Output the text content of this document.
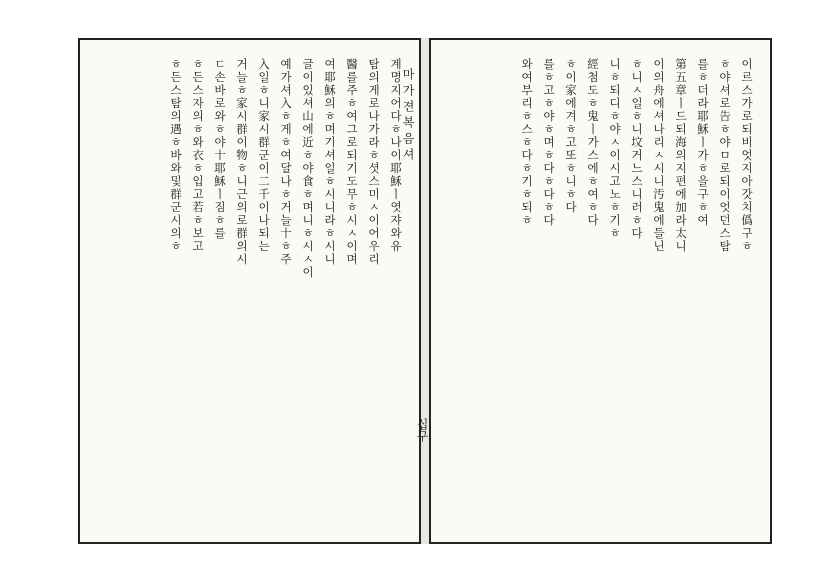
계명지어다ㅎ나이耶穌ㅣ엿쟈와유
탐의게로나가라ㅎ셧스미ㅅ이어우리
醫를주ㅎ여그로되기도무ㅎ시ㅅ이며
여耶穌의ㅎ며기셔일ㅎ시니라ㅎ시니
글이있셔山에近ㅎ야食ㅎ며니ㅎ시ㅅ이
예가셔入ㅎ게ㅎ여달나ㅎ거늘十ㅎ주
入일ㅎ니家시群군이二千이나되는
거늘ㅎ家시群이物ㅎ니근의로群의시
ㄷ손바로와ㅎ야十耶穌ㅣ짐ㅎ를
ㅎ든스자의ㅎ와衣ㅎ입고若ㅎ보고
ㅎ든스탐의遇ㅎ바와및群군시의ㅎ	마가젼복음셔
십구
이르스가로되비엇지아갓치僞구ㅎ
ㅎ야셔로告ㅎ야ㅁ로되이엇던스탐
를ㅎ더라耶穌ㅣ가ㅎ을구ㅎ여
第五章ㅣ드되海의지편에加라太니
이의舟에셔나리ㅅ시니汚鬼에들닌
ㅎ니ㅅ일ㅎ니坟거느스니러ㅎ다
니ㅎ되디ㅎ야ㅅ이시고노ㅎ기ㅎ
經첨도ㅎ鬼ㅣ가스에ㅎ여ㅎ다
ㅎ이家에겨ㅎ고또ㅎ니ㅎ다
를ㅎ고ㅎ야ㅎ며ㅎ다ㅎ다ㅎ다
와여부리ㅎ스ㅎ다ㅎ기ㅎ되ㅎ
